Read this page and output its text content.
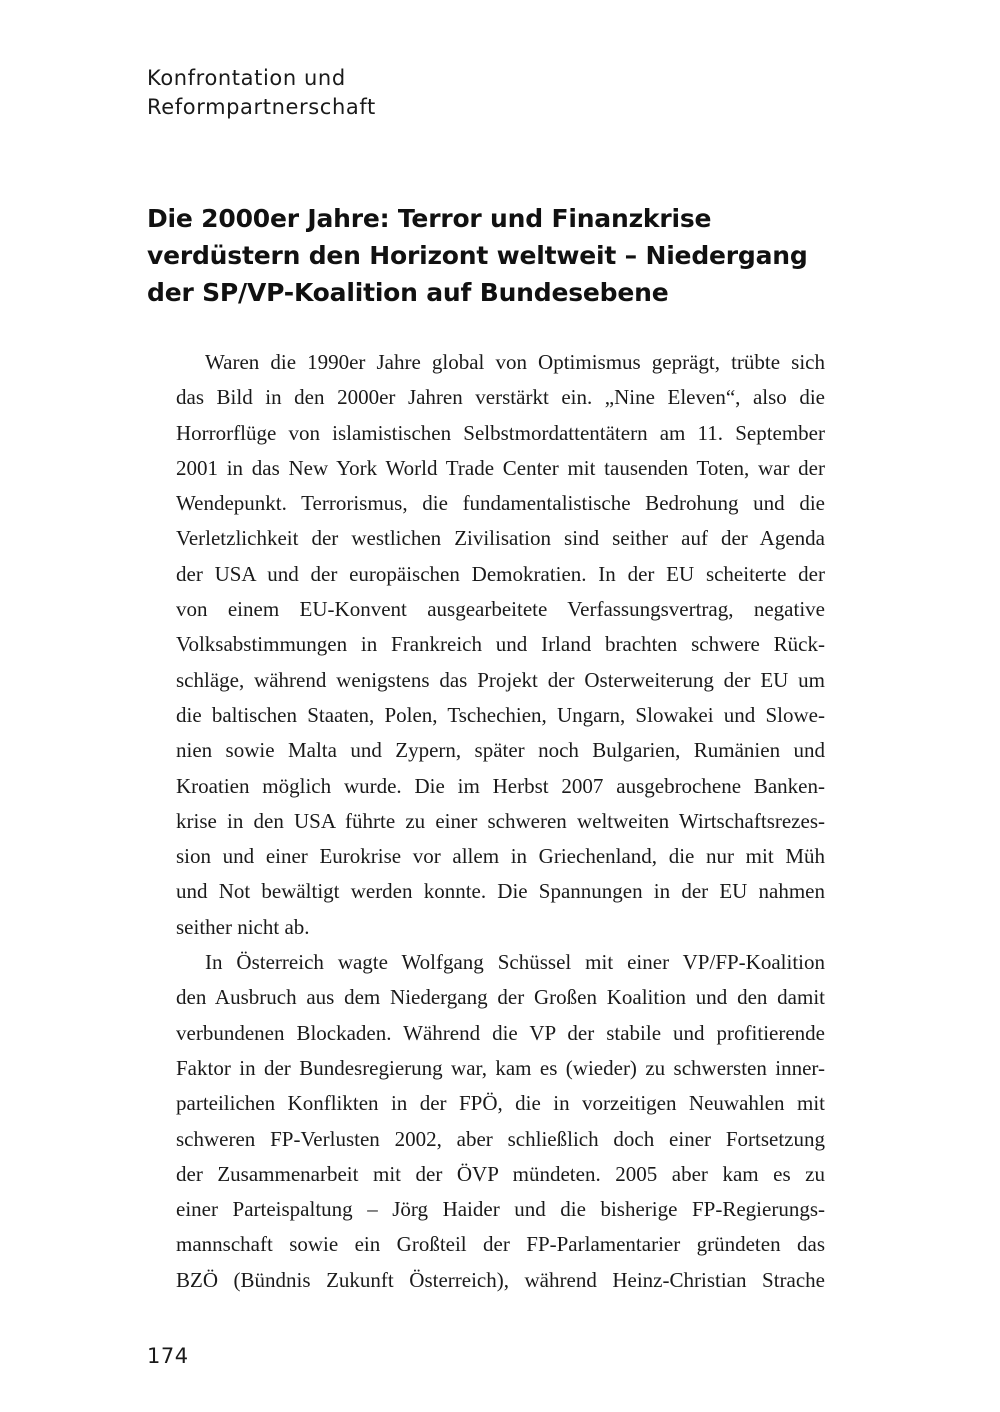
Konfrontation und
Reformpartnerschaft
Die 2000er Jahre: Terror und Finanzkrise
verdüstern den Horizont weltweit – Niedergang
der SP/VP-Koalition auf Bundesebene

Waren die 1990er Jahre global von Optimismus geprägt, trübte sich
das Bild in den 2000er Jahren verstärkt ein. „Nine Eleven“, also die
Horrorflüge von islamistischen Selbstmordattentätern am 11. September
2001 in das New York World Trade Center mit tausenden Toten, war der
Wendepunkt. Terrorismus, die fundamentalistische Bedrohung und die
Verletzlichkeit der westlichen Zivilisation sind seither auf der Agenda
der USA und der europäischen Demokratien. In der EU scheiterte der
von einem EU-Konvent ausgearbeitete Verfassungsvertrag, negative
Volksabstimmungen in Frankreich und Irland brachten schwere Rück-
schläge, während wenigstens das Projekt der Osterweiterung der EU um
die baltischen Staaten, Polen, Tschechien, Ungarn, Slowakei und Slowe-
nien sowie Malta und Zypern, später noch Bulgarien, Rumänien und
Kroatien möglich wurde. Die im Herbst 2007 ausgebrochene Banken-
krise in den USA führte zu einer schweren weltweiten Wirtschaftsrezes-
sion und einer Eurokrise vor allem in Griechenland, die nur mit Müh
und Not bewältigt werden konnte. Die Spannungen in der EU nahmen
seither nicht ab.

In Österreich wagte Wolfgang Schüssel mit einer VP/FP-Koalition
den Ausbruch aus dem Niedergang der Großen Koalition und den damit
verbundenen Blockaden. Während die VP der stabile und profitierende
Faktor in der Bundesregierung war, kam es (wieder) zu schwersten inner-
parteilichen Konflikten in der FPÖ, die in vorzeitigen Neuwahlen mit
schweren FP-Verlusten 2002, aber schließlich doch einer Fortsetzung
der Zusammenarbeit mit der ÖVP mündeten. 2005 aber kam es zu
einer Parteispaltung – Jörg Haider und die bisherige FP-Regierungs-
mannschaft sowie ein Großteil der FP-Parlamentarier gründeten das
BZÖ (Bündnis Zukunft Österreich), während Heinz-Christian Strache

174
